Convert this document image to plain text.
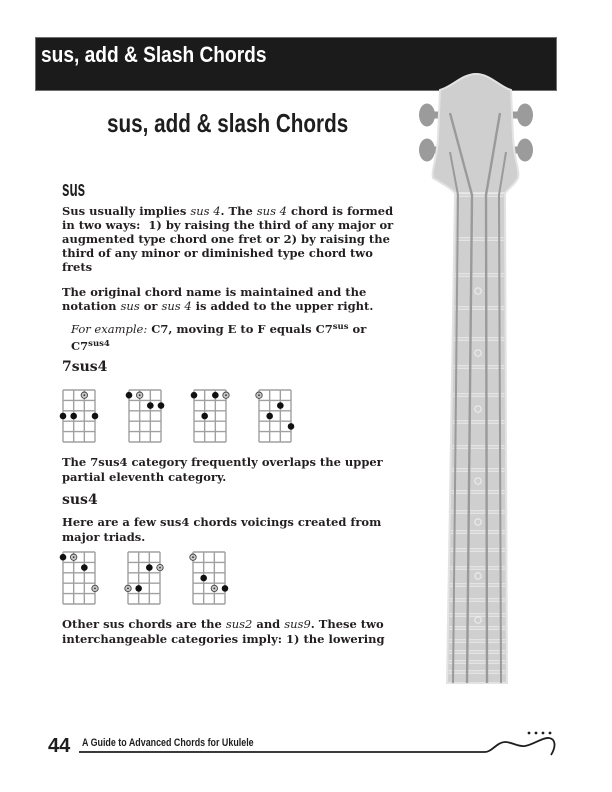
sus, add & Slash Chords
sus, add & slash Chords
sus
Sus usually implies sus 4. The sus 4 chord is formed
in two ways:  1) by raising the third of any major or
augmented type chord one fret or 2) by raising the
third of any minor or diminished type chord two
frets
The original chord name is maintained and the
notation sus or sus 4 is added to the upper right.
For example: C7, moving E to F equals $C7^{sus}$ or
$C7^{sus4}$
7sus4
The 7sus4 category frequently overlaps the upper
partial eleventh category.
sus4
Here are a few sus4 chords voicings created from
major triads.
Other sus chords are the sus2 and sus9. These two
interchangeable categories imply: 1) the lowering
44 A Guide to Advanced Chords for Ukulele
